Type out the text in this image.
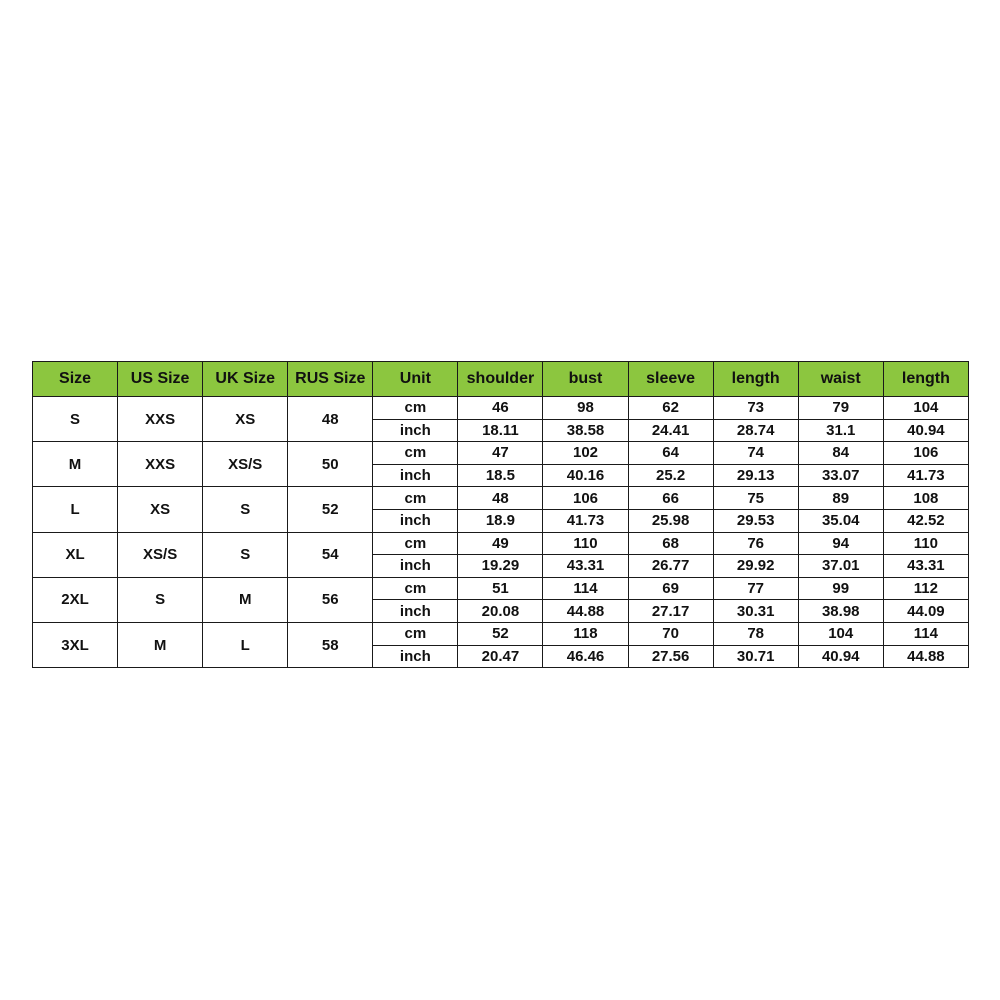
Size	US Size	UK Size	RUS Size	Unit	shoulder	bust	sleeve	length	waist	length
S	XXS	XS	48	cm	46	98	62	73	79	104
				inch	18.11	38.58	24.41	28.74	31.1	40.94
M	XXS	XS/S	50	cm	47	102	64	74	84	106
				inch	18.5	40.16	25.2	29.13	33.07	41.73
L	XS	S	52	cm	48	106	66	75	89	108
				inch	18.9	41.73	25.98	29.53	35.04	42.52
XL	XS/S	S	54	cm	49	110	68	76	94	110
				inch	19.29	43.31	26.77	29.92	37.01	43.31
2XL	S	M	56	cm	51	114	69	77	99	112
				inch	20.08	44.88	27.17	30.31	38.98	44.09
3XL	M	L	58	cm	52	118	70	78	104	114
				inch	20.47	46.46	27.56	30.71	40.94	44.88
